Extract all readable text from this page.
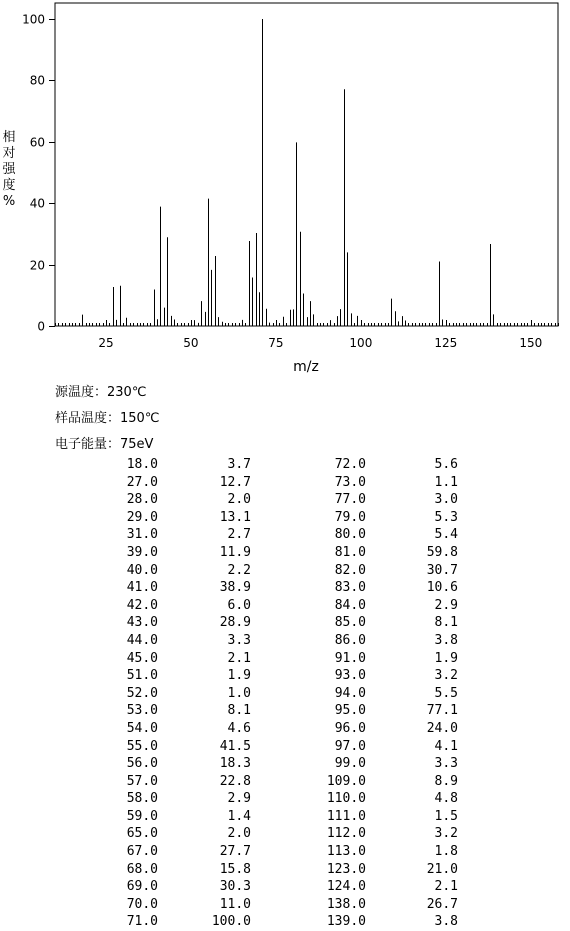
25	50	75	100	125	150
0
20
40
60
80
100
m/z
相
对
强
度
%
源温度：230℃
样品温度：150℃
电子能量：75eV
18.0	3.7	72.0	5.6
27.0	12.7	73.0	1.1
28.0	2.0	77.0	3.0
29.0	13.1	79.0	5.3
31.0	2.7	80.0	5.4
39.0	11.9	81.0	59.8
40.0	2.2	82.0	30.7
41.0	38.9	83.0	10.6
42.0	6.0	84.0	2.9
43.0	28.9	85.0	8.1
44.0	3.3	86.0	3.8
45.0	2.1	91.0	1.9
51.0	1.9	93.0	3.2
52.0	1.0	94.0	5.5
53.0	8.1	95.0	77.1
54.0	4.6	96.0	24.0
55.0	41.5	97.0	4.1
56.0	18.3	99.0	3.3
57.0	22.8	109.0	8.9
58.0	2.9	110.0	4.8
59.0	1.4	111.0	1.5
65.0	2.0	112.0	3.2
67.0	27.7	113.0	1.8
68.0	15.8	123.0	21.0
69.0	30.3	124.0	2.1
70.0	11.0	138.0	26.7
71.0	100.0	139.0	3.8
